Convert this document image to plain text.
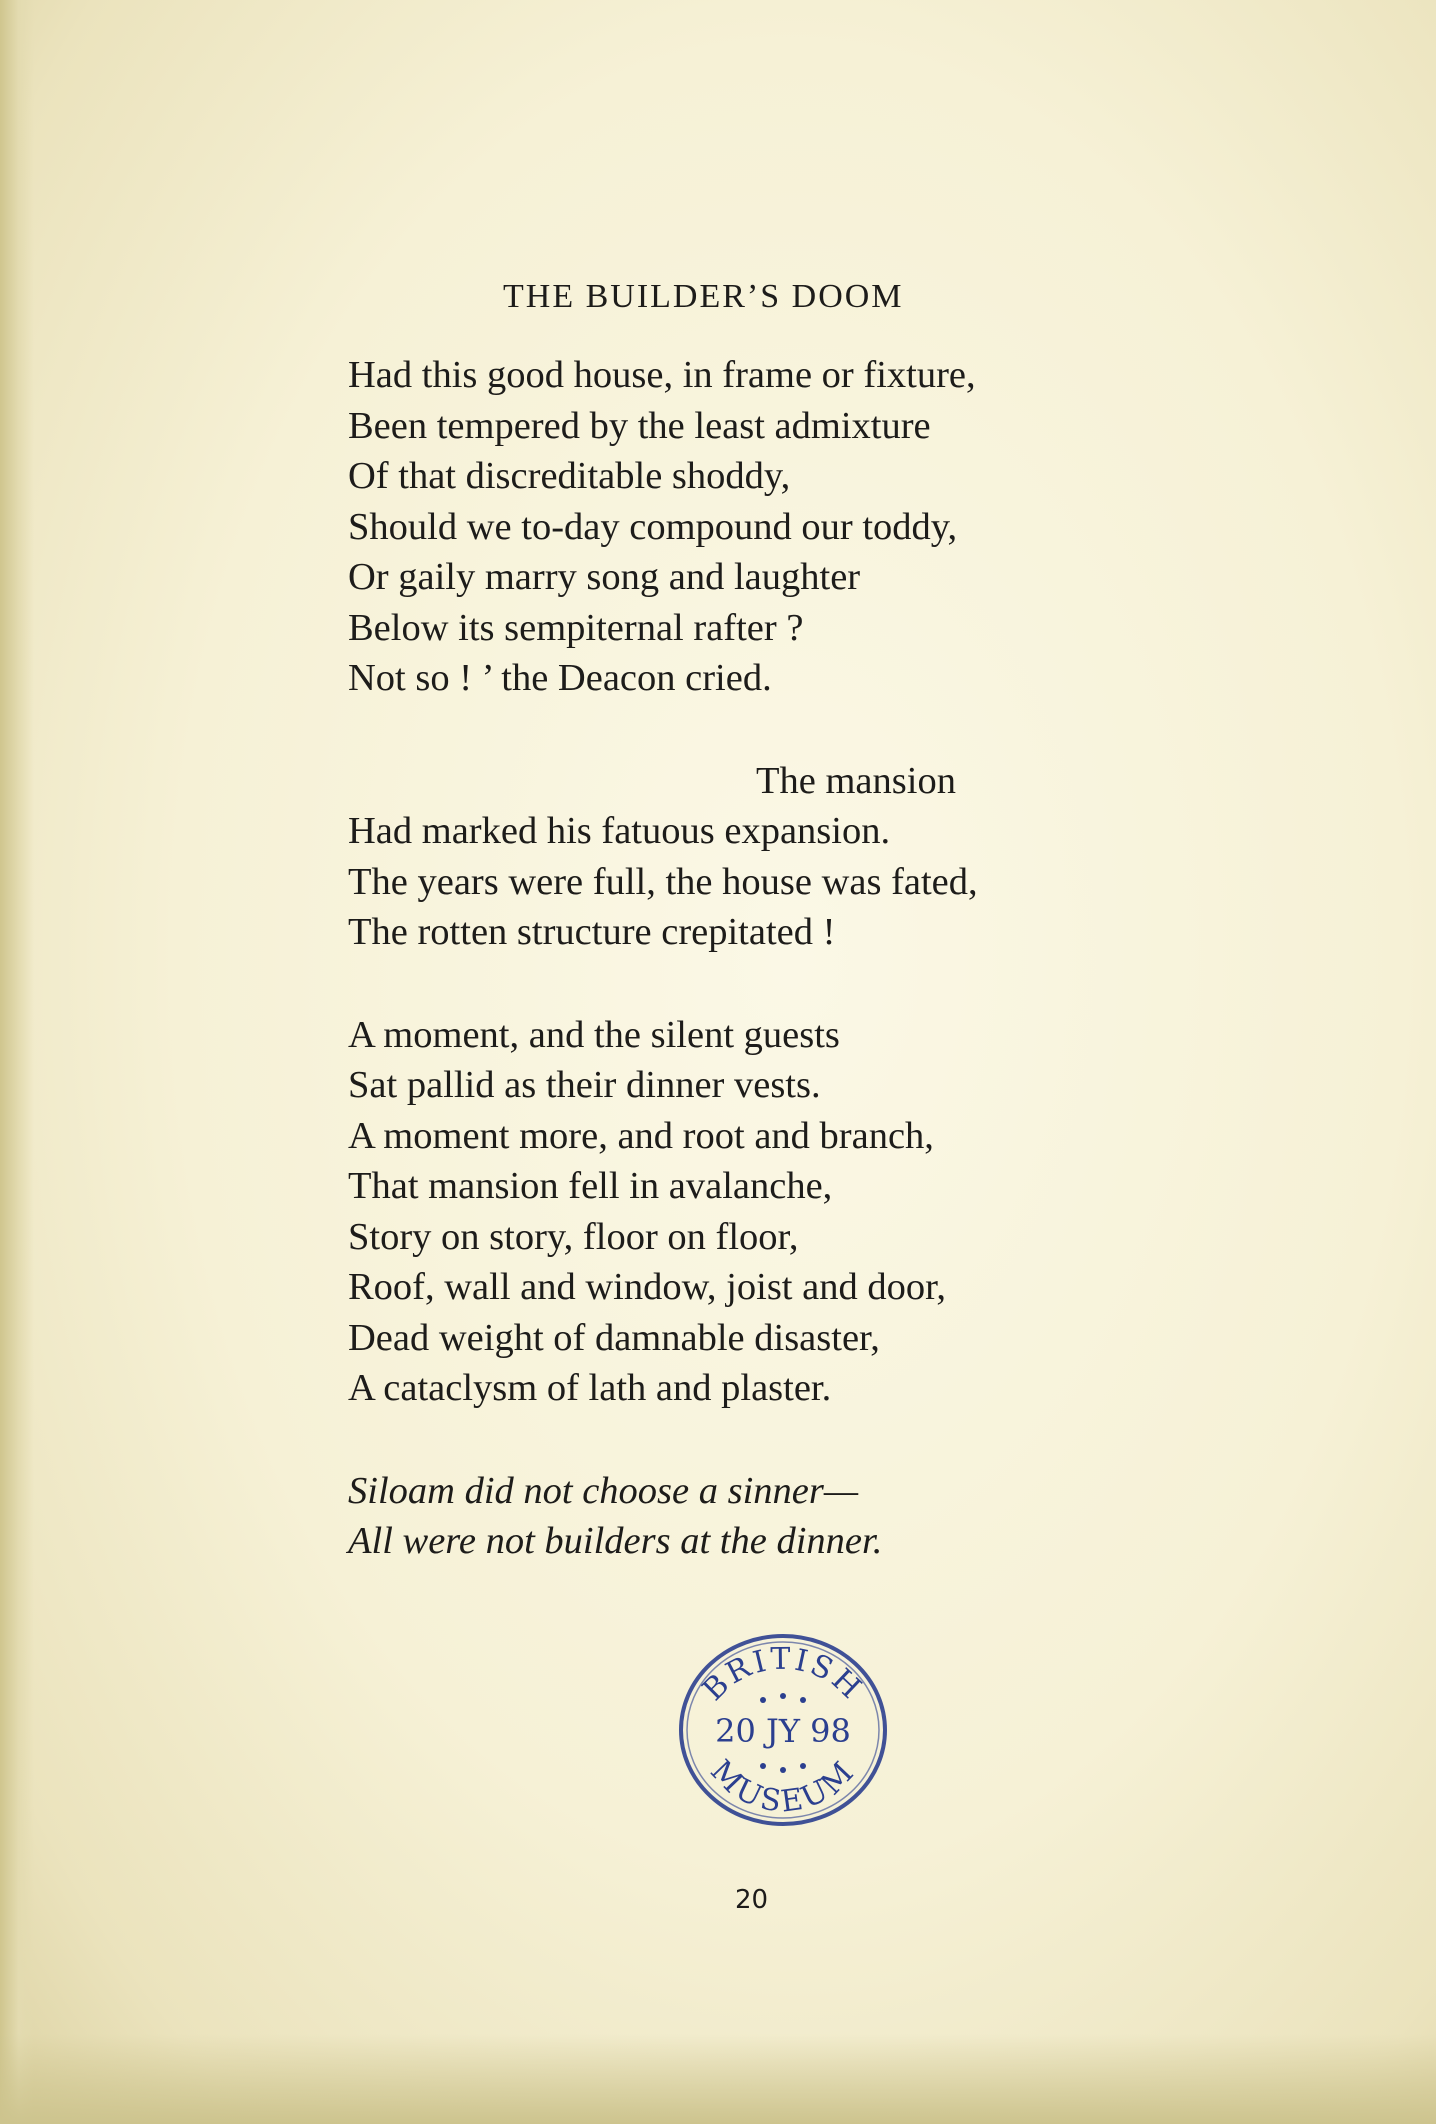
THE BUILDER’S DOOM
Had this good house, in frame or fixture,
Been tempered by the least admixture
Of that discreditable shoddy,
Should we to-day compound our toddy,
Or gaily marry song and laughter
Below its sempiternal rafter ?
Not so ! ’ the Deacon cried.
The mansion
Had marked his fatuous expansion.
The years were full, the house was fated,
The rotten structure crepitated !
A moment, and the silent guests
Sat pallid as their dinner vests.
A moment more, and root and branch,
That mansion fell in avalanche,
Story on story, floor on floor,
Roof, wall and window, joist and door,
Dead weight of damnable disaster,
A cataclysm of lath and plaster.
Siloam did not choose a sinner—
All were not builders at the dinner.
BRITISH
MUSEUM
20 JY 98

20
